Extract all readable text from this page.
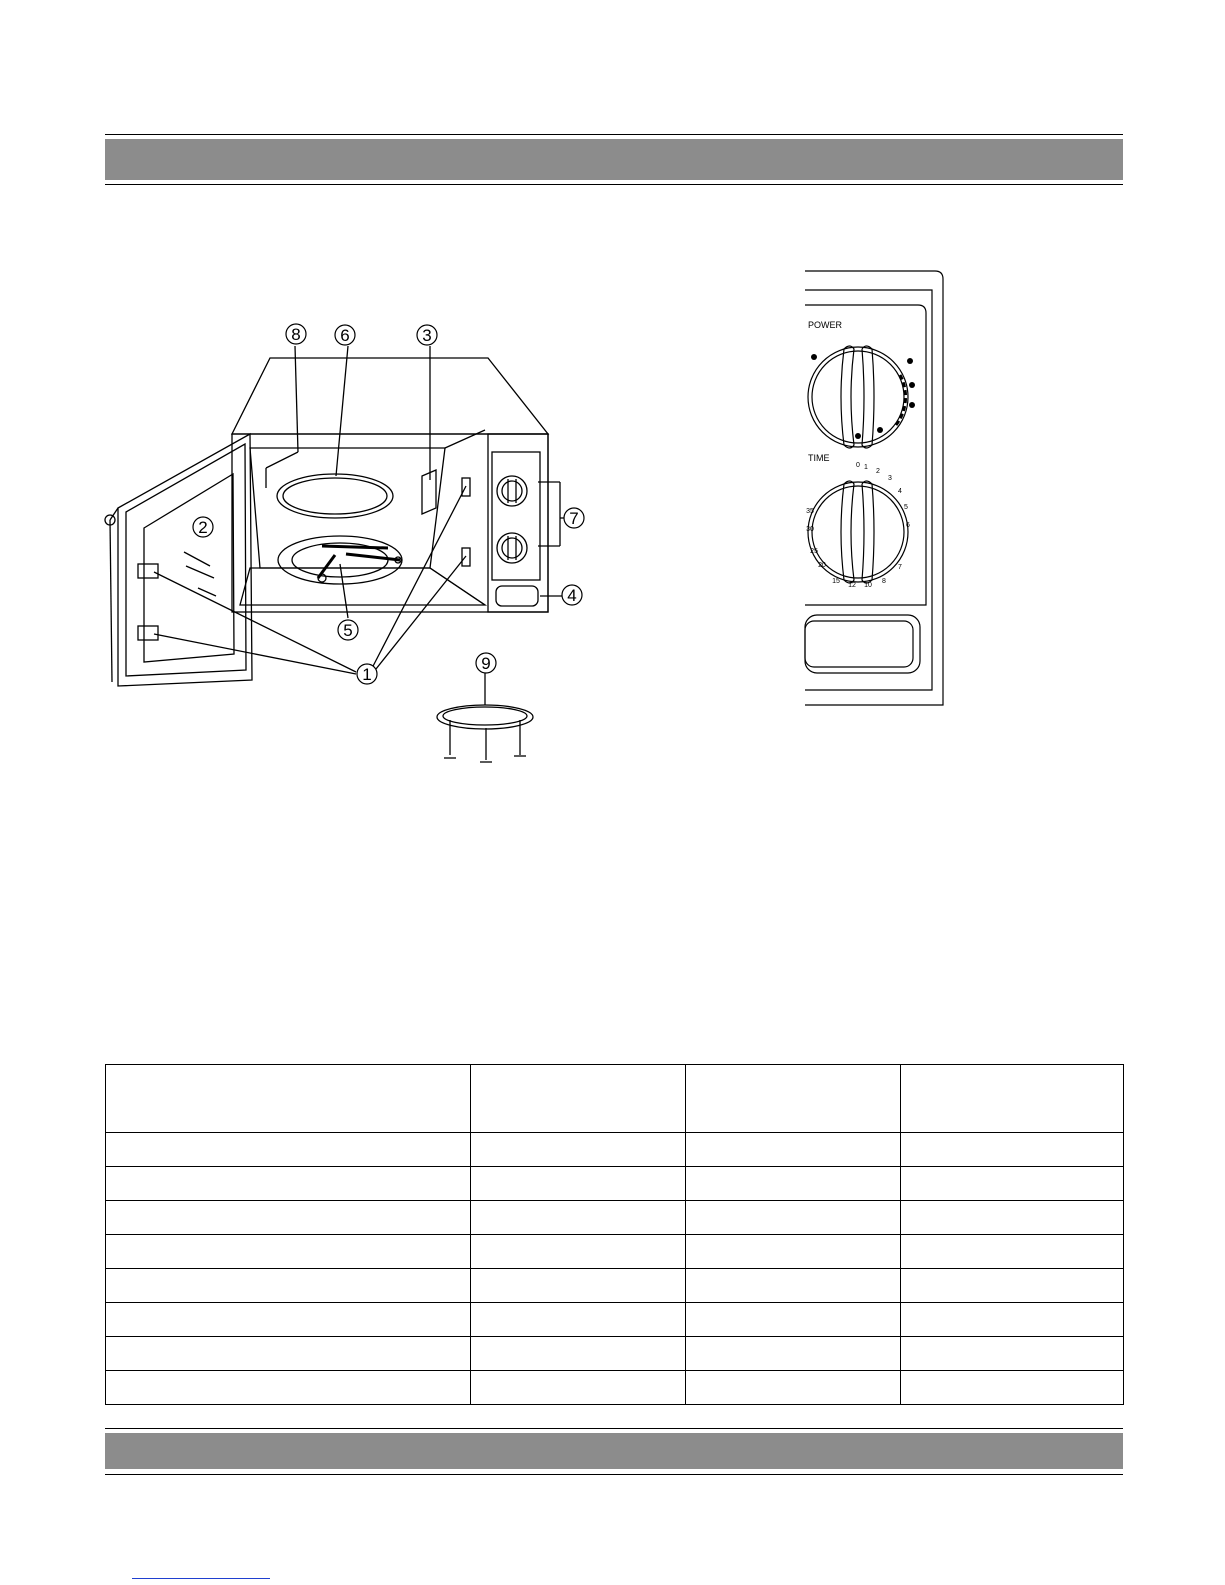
1
2
3
4
5
6
7
8
9
POWER
TIME
0 1
2
3
4
5
6
7
8
10
12
15
20
25
30
35
